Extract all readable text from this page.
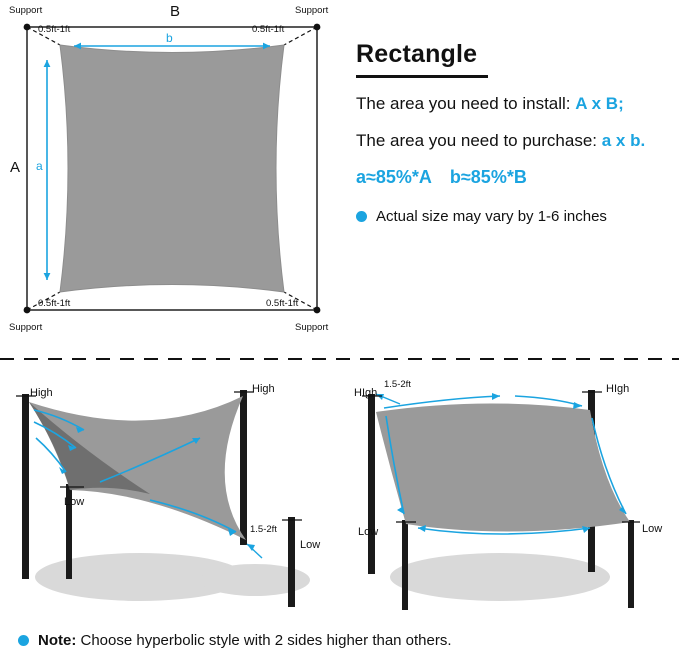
B
A
b
a
0.5ft-1ft	0.5ft-1ft
0.5ft-1ft	0.5ft-1ft
Support	Support
Support	Support
Rectangle
The area you need to install: A x B;
The area you need to purchase: a x b.
a≈85%*A b≈85%*B
Actual size may vary by 1-6 inches
High	High
Low
Low
1.5-2ft
HIgh	HIgh
Low	Low
1.5-2ft
Note: Choose hyperbolic style with 2 sides higher than others.
